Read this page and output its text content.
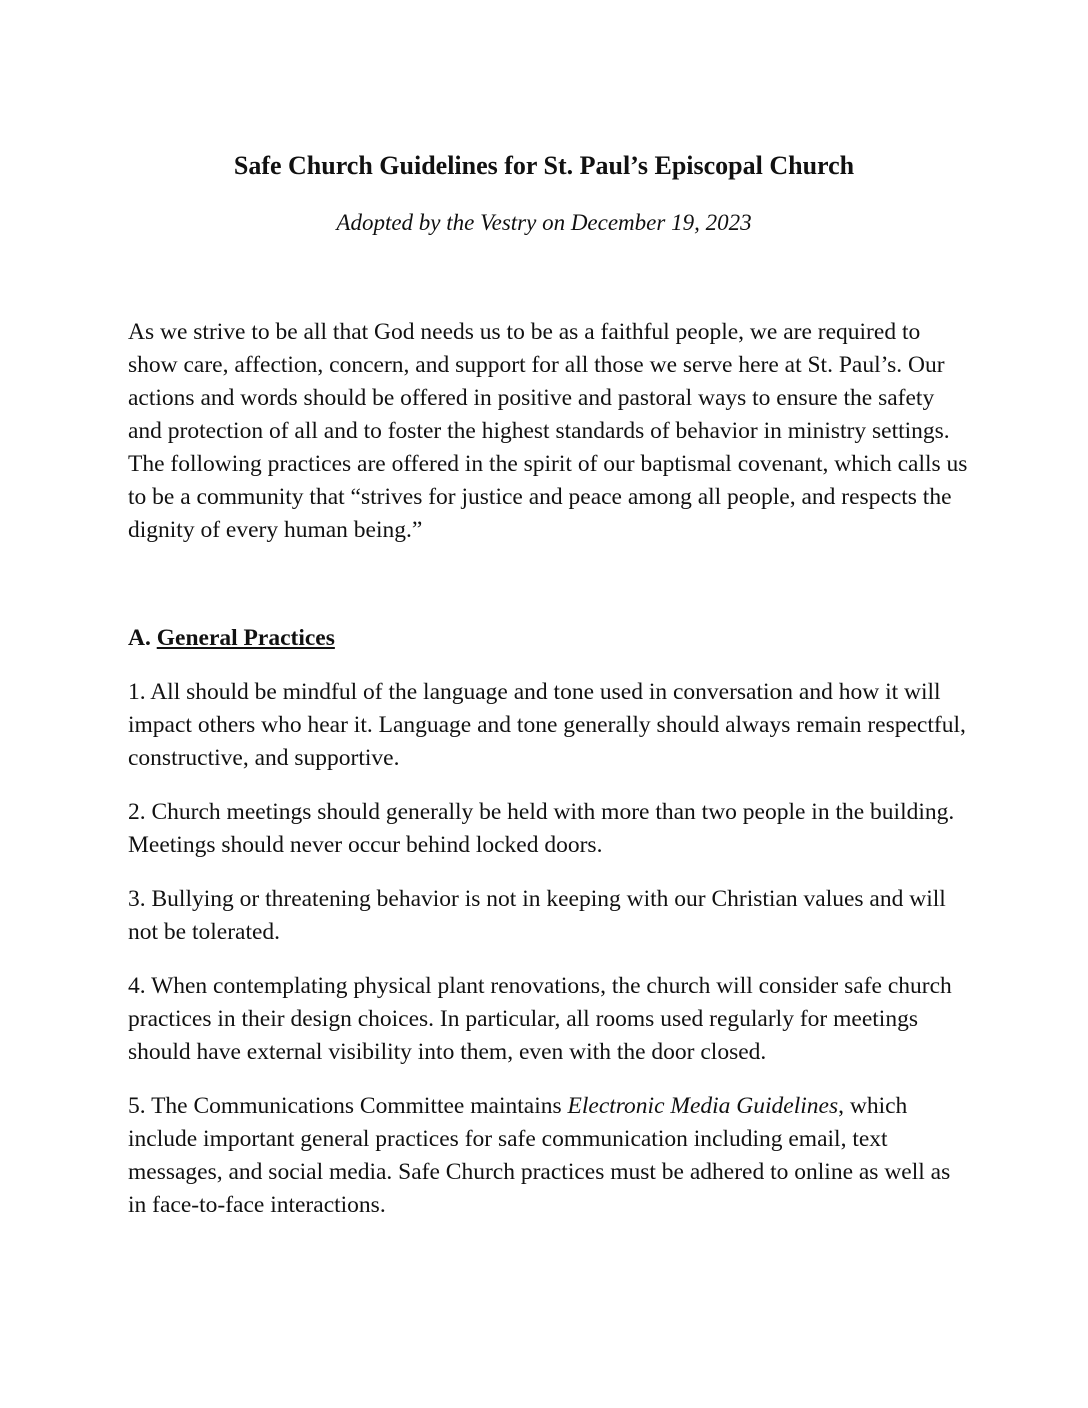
Safe Church Guidelines for St. Paul’s Episcopal Church

Adopted by the Vestry on December 19, 2023

As we strive to be all that God needs us to be as a faithful people, we are required to show care, affection, concern, and support for all those we serve here at St. Paul’s. Our actions and words should be offered in positive and pastoral ways to ensure the safety and protection of all and to foster the highest standards of behavior in ministry settings. The following practices are offered in the spirit of our baptismal covenant, which calls us to be a community that “strives for justice and peace among all people, and respects the dignity of every human being.”

A. General Practices

1. All should be mindful of the language and tone used in conversation and how it will impact others who hear it. Language and tone generally should always remain respectful, constructive, and supportive.

2. Church meetings should generally be held with more than two people in the building. Meetings should never occur behind locked doors.

3. Bullying or threatening behavior is not in keeping with our Christian values and will not be tolerated.

4. When contemplating physical plant renovations, the church will consider safe church practices in their design choices. In particular, all rooms used regularly for meetings should have external visibility into them, even with the door closed.

5. The Communications Committee maintains Electronic Media Guidelines, which include important general practices for safe communication including email, text messages, and social media. Safe Church practices must be adhered to online as well as in face-to-face interactions.
